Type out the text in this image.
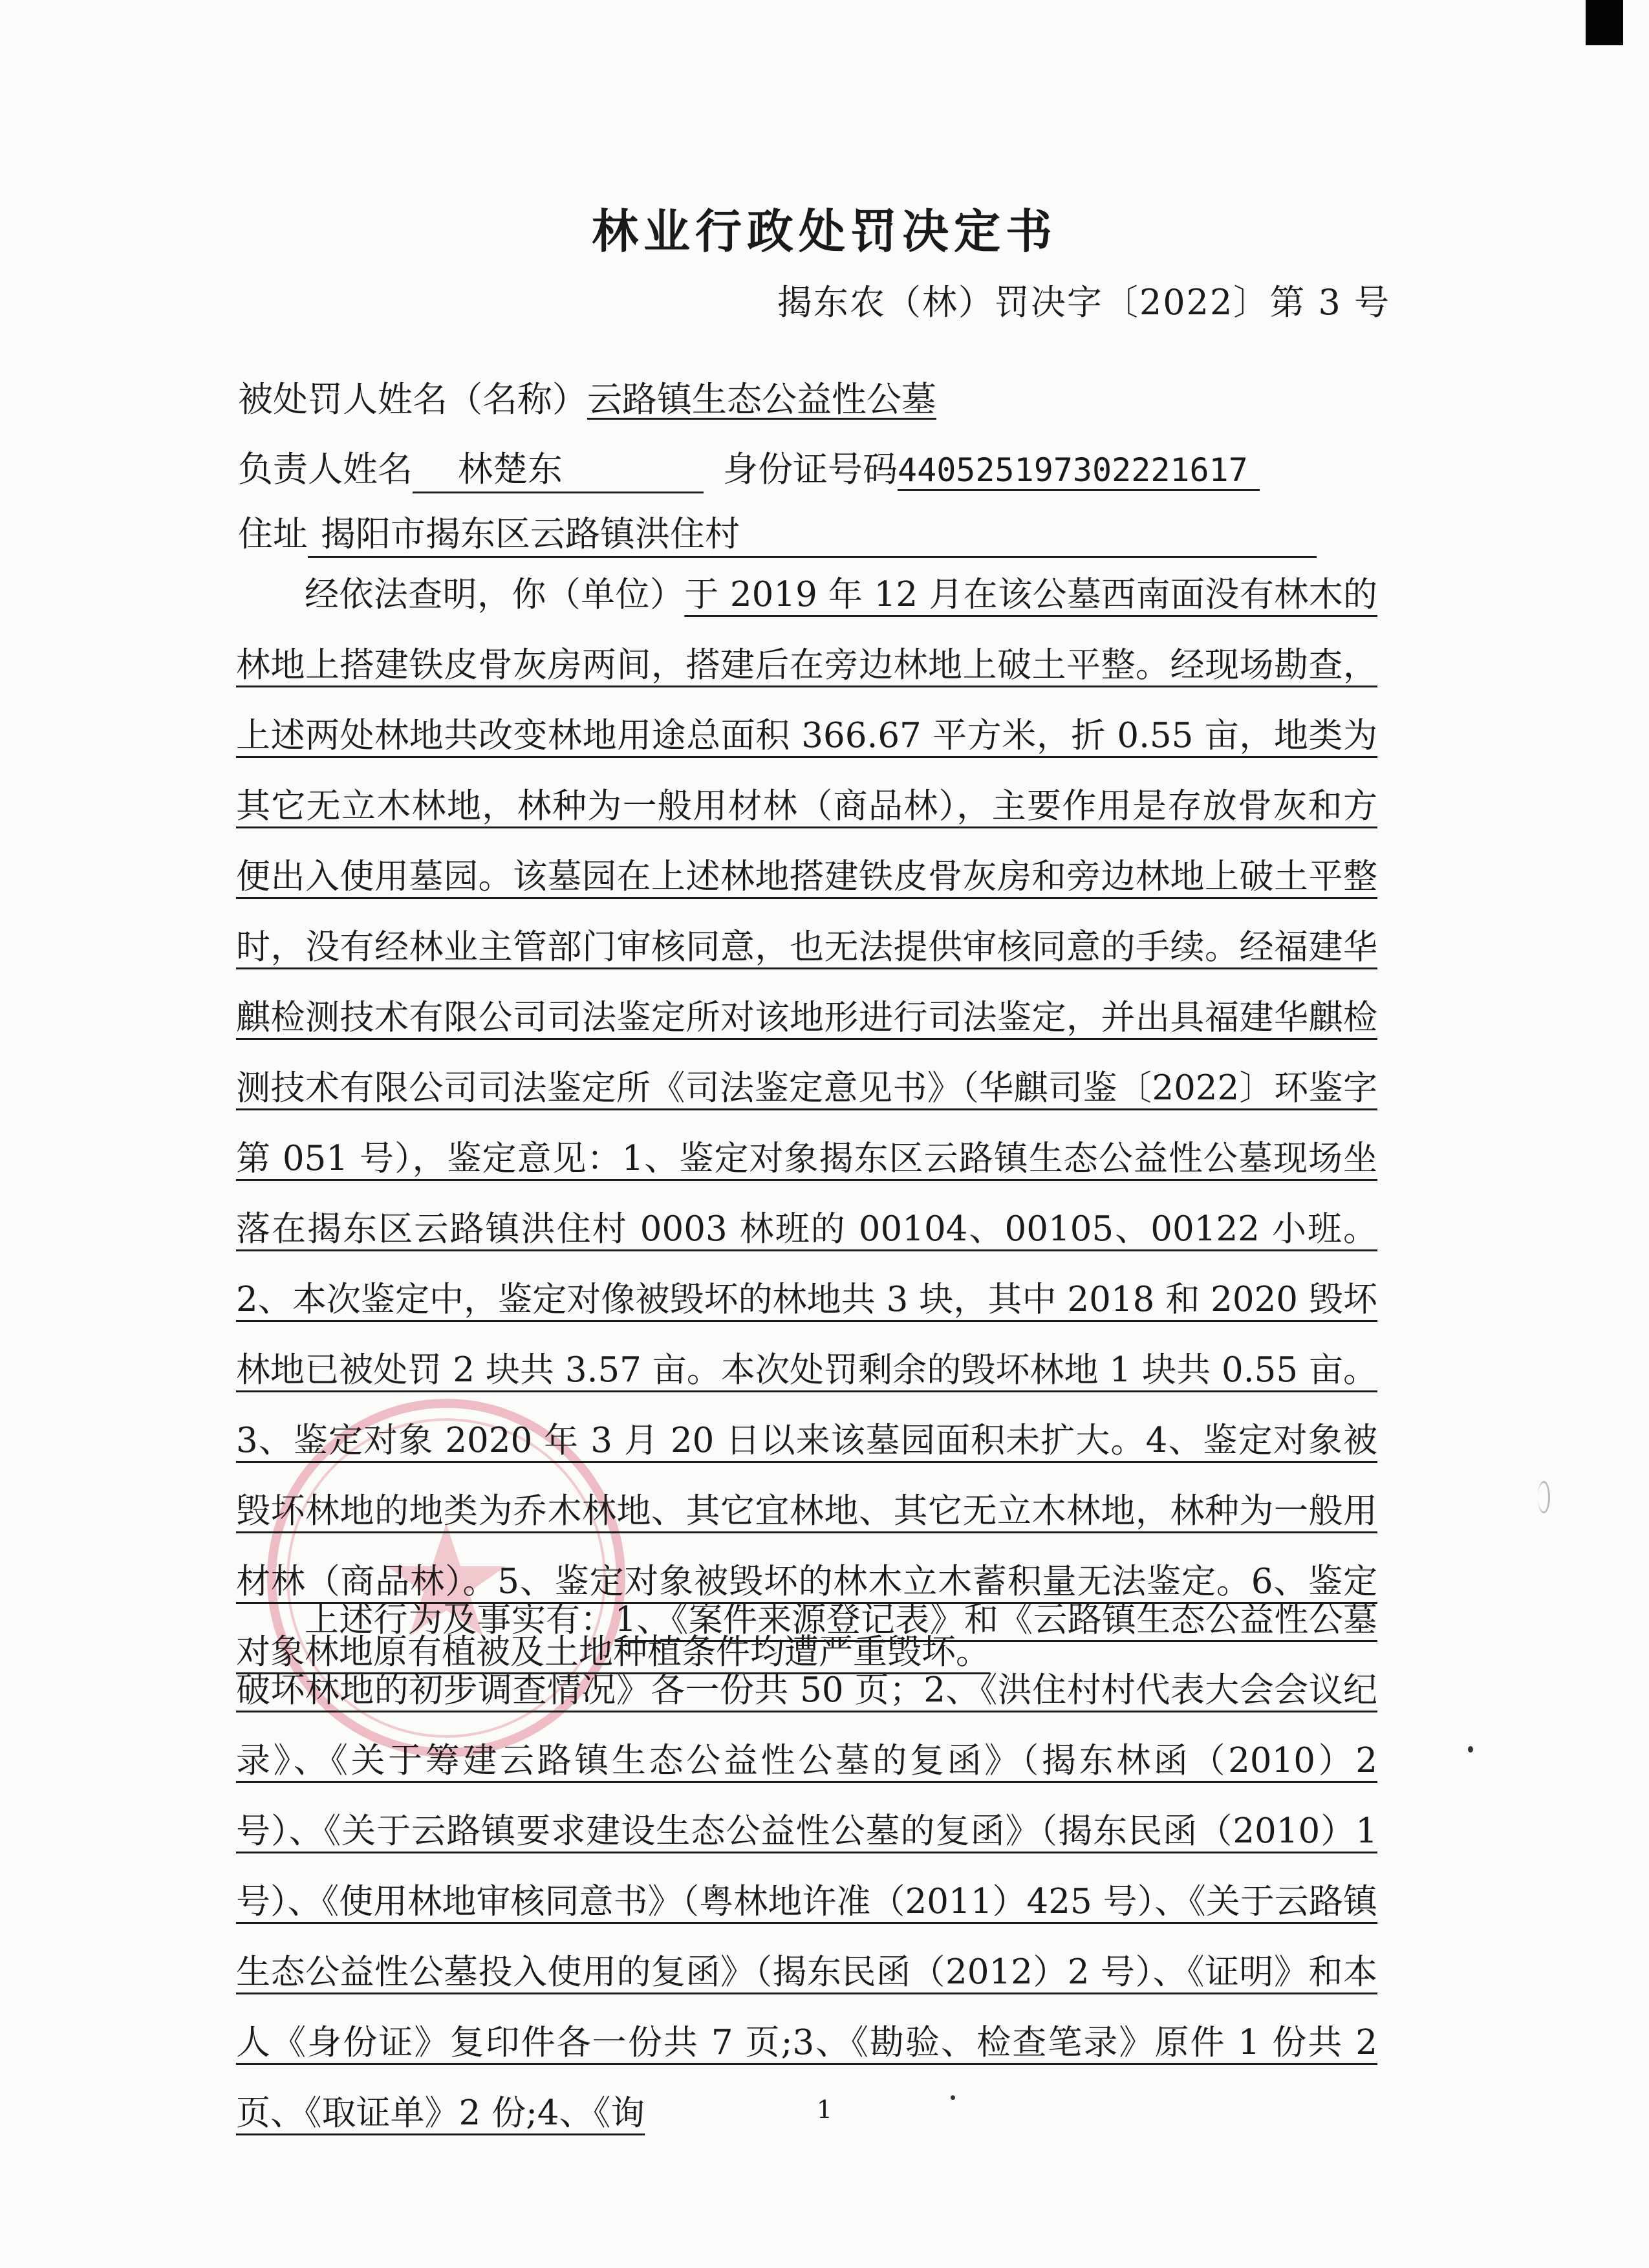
林业行政处罚决定书
揭东农（林）罚决字〔2022〕第 3 号
被处罚人姓名（名称）云路镇生态公益性公墓
负责人姓名 林楚东	身份证号码440525197302221617
住址 揭阳市揭东区云路镇洪住村
经依法查明，你（单位）于 2019 年 12 月在该公墓西南面没有林木的林地上搭建铁皮骨灰房两间，搭建后在旁边林地上破土平整。经现场勘查，上述两处林地共改变林地用途总面积 366.67 平方米，折 0.55 亩，地类为其它无立木林地，林种为一般用材林（商品林），主要作用是存放骨灰和方便出入使用墓园。该墓园在上述林地搭建铁皮骨灰房和旁边林地上破土平整时，没有经林业主管部门审核同意，也无法提供审核同意的手续。经福建华麒检测技术有限公司司法鉴定所对该地形进行司法鉴定，并出具福建华麒检测技术有限公司司法鉴定所《司法鉴定意见书》（华麒司鉴〔2022〕环鉴字第 051 号），鉴定意见：1、鉴定对象揭东区云路镇生态公益性公墓现场坐落在揭东区云路镇洪住村 0003 林班的 00104、00105、00122 小班。2、本次鉴定中，鉴定对像被毁坏的林地共 3 块，其中 2018 和 2020 毁坏林地已被处罚 2 块共 3.57 亩。本次处罚剩余的毁坏林地 1 块共 0.55 亩。3、鉴定对象 2020 年 3 月 20 日以来该墓园面积未扩大。4、鉴定对象被毁坏林地的地类为乔木林地、其它宜林地、其它无立木林地，林种为一般用材林（商品林）。5、鉴定对象被毁坏的林木立木蓄积量无法鉴定。6、鉴定对象林地原有植被及土地种植条件均遭严重毁坏。
上述行为及事实有：1、《案件来源登记表》和《云路镇生态公益性公墓破坏林地的初步调查情况》各一份共 50 页；2、《洪住村村代表大会会议纪录》、《关于筹建云路镇生态公益性公墓的复函》（揭东林函（2010）2 号）、《关于云路镇要求建设生态公益性公墓的复函》（揭东民函（2010）1 号）、《使用林地审核同意书》（粤林地许准（2011）425 号）、《关于云路镇生态公益性公墓投入使用的复函》（揭东民函（2012）2 号）、《证明》和本人《身份证》复印件各一份共 7 页;3、《勘验、检查笔录》原件 1 份共 2 页、《取证单》2 份;4、《询	1
